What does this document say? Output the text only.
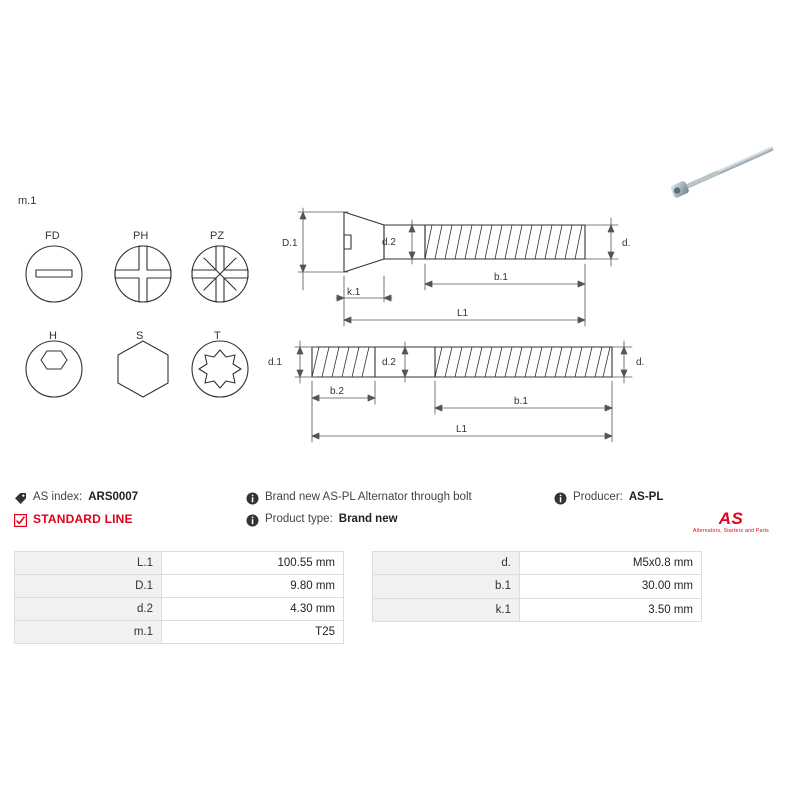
m.1
FD	PH	PZ
H	S	T
D.1	d.2	d.
b.1
k.1
L1
d.1	d.2	d.
b.2
b.1
L1
AS index: ARS0007
STANDARD LINE
Brand new AS-PL Alternator through bolt
Product type: Brand new
Producer: AS-PL
AS
Alternators, Starters and Parts
L.1	100.55 mm
D.1	9.80 mm
d.2	4.30 mm
m.1	T25
d.	M5x0.8 mm
b.1	30.00 mm
k.1	3.50 mm
